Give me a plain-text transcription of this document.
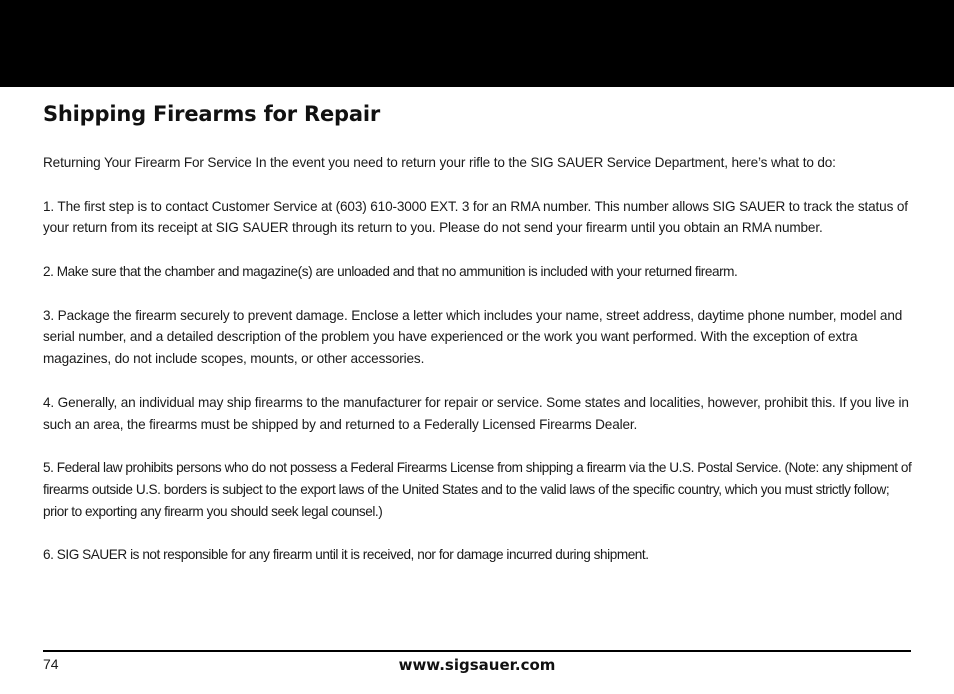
Shipping Firearms for Repair

Returning Your Firearm For Service In the event you need to return your rifle to the SIG SAUER Service Department, here’s what to do:

1. The first step is to contact Customer Service at (603) 610-3000 EXT. 3 for an RMA number. This number allows SIG SAUER to track the status of your return from its receipt at SIG SAUER through its return to you. Please do not send your firearm until you obtain an RMA number.

2. Make sure that the chamber and magazine(s) are unloaded and that no ammunition is included with your returned firearm.

3. Package the firearm securely to prevent damage. Enclose a letter which includes your name, street address, daytime phone number, model and serial number, and a detailed description of the problem you have experienced or the work you want performed. With the exception of extra magazines, do not include scopes, mounts, or other accessories.

4. Generally, an individual may ship firearms to the manufacturer for repair or service. Some states and localities, however, prohibit this. If you live in such an area, the firearms must be shipped by and returned to a Federally Licensed Firearms Dealer.

5. Federal law prohibits persons who do not possess a Federal Firearms License from shipping a firearm via the U.S. Postal Service. (Note: any shipment of firearms outside U.S. borders is subject to the export laws of the United States and to the valid laws of the specific country, which you must strictly follow; prior to exporting any firearm you should seek legal counsel.)

6. SIG SAUER is not responsible for any firearm until it is received, nor for damage incurred during shipment.

74	www.sigsauer.com
